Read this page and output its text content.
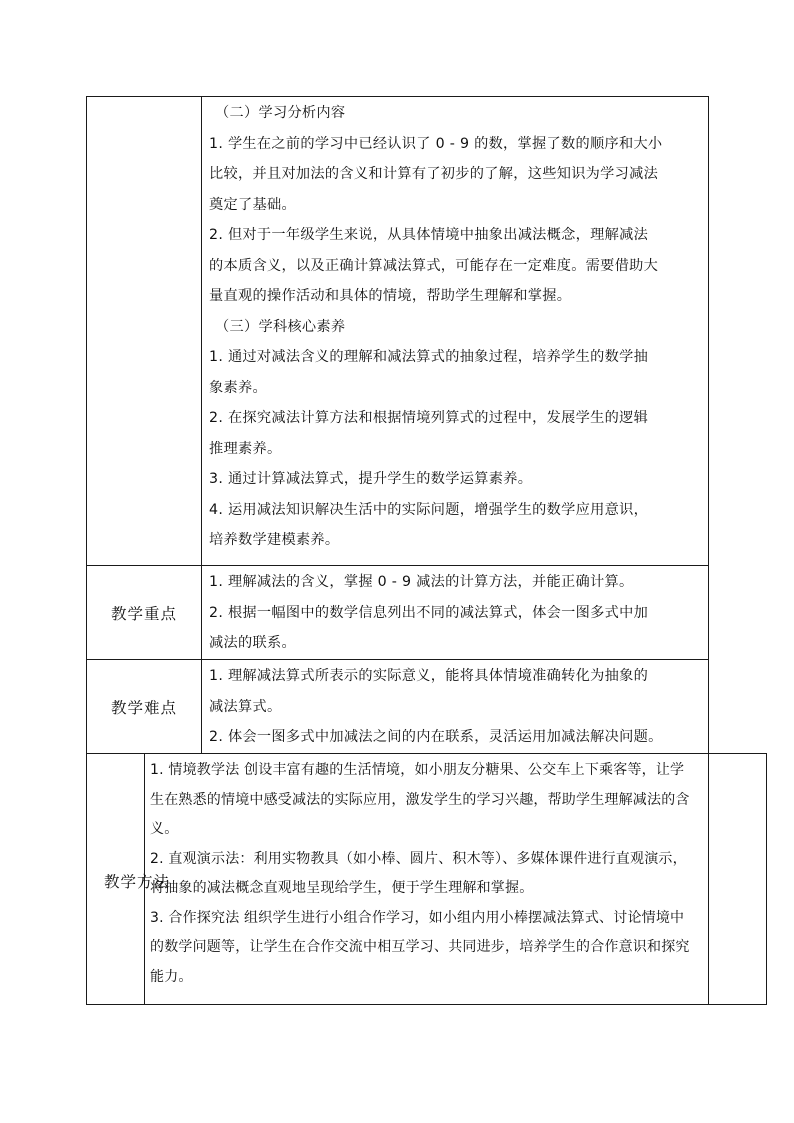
（二）学习分析内容
1. 学生在之前的学习中已经认识了 0 - 9 的数，掌握了数的顺序和大小
比较，并且对加法的含义和计算有了初步的了解，这些知识为学习减法
奠定了基础。
2. 但对于一年级学生来说，从具体情境中抽象出减法概念，理解减法
的本质含义，以及正确计算减法算式，可能存在一定难度。需要借助大
量直观的操作活动和具体的情境，帮助学生理解和掌握。
（三）学科核心素养
1. 通过对减法含义的理解和减法算式的抽象过程，培养学生的数学抽
象素养。
2. 在探究减法计算方法和根据情境列算式的过程中，发展学生的逻辑
推理素养。
3. 通过计算减法算式，提升学生的数学运算素养。
4. 运用减法知识解决生活中的实际问题，增强学生的数学应用意识，
培养数学建模素养。
教学重点
1. 理解减法的含义，掌握 0 - 9 减法的计算方法，并能正确计算。
2. 根据一幅图中的数学信息列出不同的减法算式，体会一图多式中加
减法的联系。
教学难点
1. 理解减法算式所表示的实际意义，能将具体情境准确转化为抽象的
减法算式。
2. 体会一图多式中加减法之间的内在联系，灵活运用加减法解决问题。
教学方法
1. 情境教学法 创设丰富有趣的生活情境，如小朋友分糖果、公交车上下乘客等，让学
生在熟悉的情境中感受减法的实际应用，激发学生的学习兴趣，帮助学生理解减法的含
义。
2. 直观演示法：利用实物教具（如小棒、圆片、积木等）、多媒体课件进行直观演示，
将抽象的减法概念直观地呈现给学生，便于学生理解和掌握。
3. 合作探究法 组织学生进行小组合作学习，如小组内用小棒摆减法算式、讨论情境中
的数学问题等，让学生在合作交流中相互学习、共同进步，培养学生的合作意识和探究
能力。
